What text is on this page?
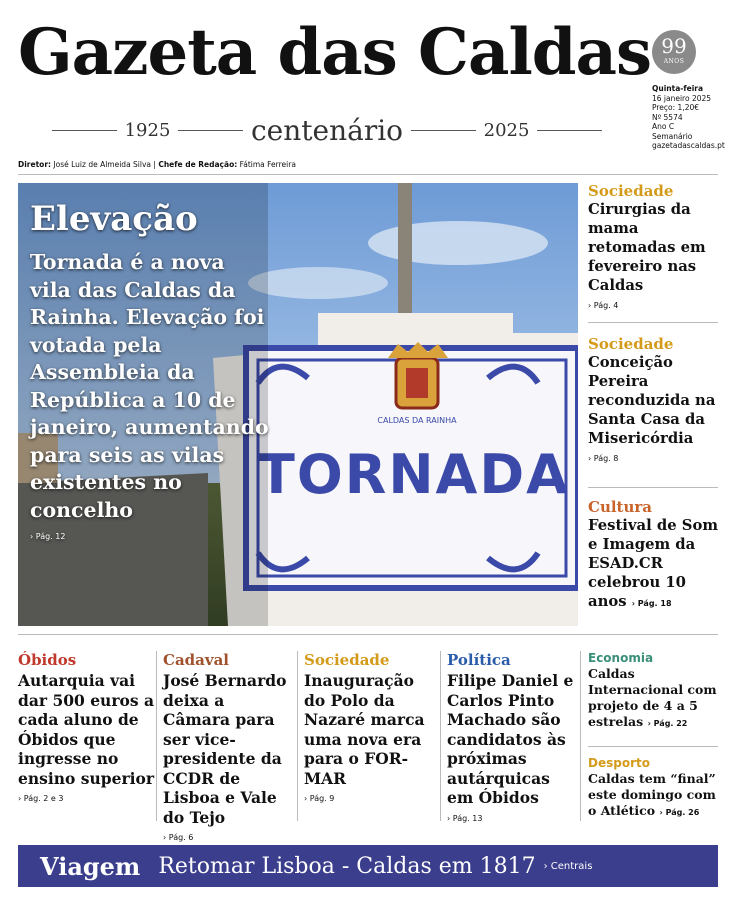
Gazeta das Caldas
1925	centenário	2025
99
ANOS
Quinta-feira
16 janeiro 2025
Preço: 1,20€
Nº 5574
Ano C
Semanário
gazetadascaldas.pt
Diretor: José Luiz de Almeida Silva | Chefe de Redação: Fátima Ferreira
CALDAS DA RAINHA
TORNADA
Elevação
Tornada é a nova vila das Caldas da Rainha. Elevação foi votada pela Assembleia da República a 10 de janeiro, aumentando para seis as vilas existentes no concelho
› Pág. 12
Sociedade
Cirurgias da mama retomadas em fevereiro nas Caldas
› Pág. 4
Sociedade
Conceição Pereira reconduzida na Santa Casa da Misericórdia
› Pág. 8
Cultura
Festival de Som e Imagem da ESAD.CR celebrou 10 anos › Pág. 18
Óbidos
Autarquia vai dar 500 euros a cada aluno de Óbidos que ingresse no ensino superior
› Pág. 2 e 3
Cadaval
José Bernardo deixa a Câmara para ser vice-presidente da CCDR de Lisboa e Vale do Tejo
› Pág. 6
Sociedade
Inauguração do Polo da Nazaré marca uma nova era para o FOR-MAR
› Pág. 9
Política
Filipe Daniel e Carlos Pinto Machado são candidatos às próximas autárquicas em Óbidos
› Pág. 13
Economia
Caldas Internacional com projeto de 4 a 5 estrelas › Pág. 22
Desporto
Caldas tem “final” este domingo com o Atlético › Pág. 26
Viagem Retomar Lisboa - Caldas em 1817 › Centrais
